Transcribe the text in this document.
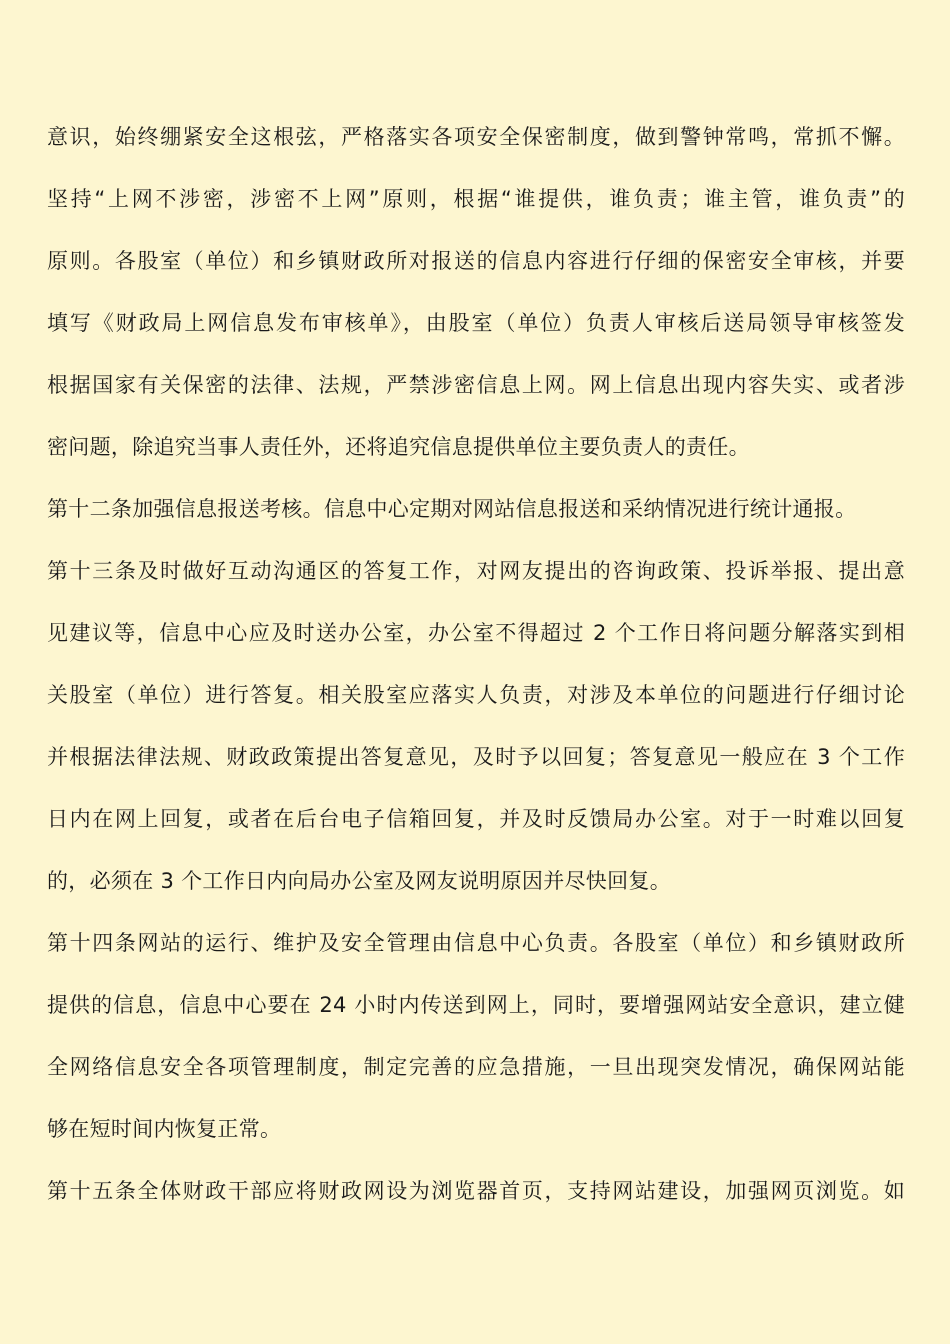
意识，始终绷紧安全这根弦，严格落实各项安全保密制度，做到警钟常鸣，常抓不懈。
坚持“上网不涉密，涉密不上网”原则，根据“谁提供，谁负责；谁主管，谁负责”的
原则。各股室（单位）和乡镇财政所对报送的信息内容进行仔细的保密安全审核，并要
填写《财政局上网信息发布审核单》，由股室（单位）负责人审核后送局领导审核签发
根据国家有关保密的法律、法规，严禁涉密信息上网。网上信息出现内容失实、或者涉
密问题，除追究当事人责任外，还将追究信息提供单位主要负责人的责任。
第十二条加强信息报送考核。信息中心定期对网站信息报送和采纳情况进行统计通报。
第十三条及时做好互动沟通区的答复工作，对网友提出的咨询政策、投诉举报、提出意
见建议等，信息中心应及时送办公室，办公室不得超过 2 个工作日将问题分解落实到相
关股室（单位）进行答复。相关股室应落实人负责，对涉及本单位的问题进行仔细讨论
并根据法律法规、财政政策提出答复意见，及时予以回复；答复意见一般应在 3 个工作
日内在网上回复，或者在后台电子信箱回复，并及时反馈局办公室。对于一时难以回复
的，必须在 3 个工作日内向局办公室及网友说明原因并尽快回复。
第十四条网站的运行、维护及安全管理由信息中心负责。各股室（单位）和乡镇财政所
提供的信息，信息中心要在 24 小时内传送到网上，同时，要增强网站安全意识，建立健
全网络信息安全各项管理制度，制定完善的应急措施，一旦出现突发情况，确保网站能
够在短时间内恢复正常。
第十五条全体财政干部应将财政网设为浏览器首页，支持网站建设，加强网页浏览。如
